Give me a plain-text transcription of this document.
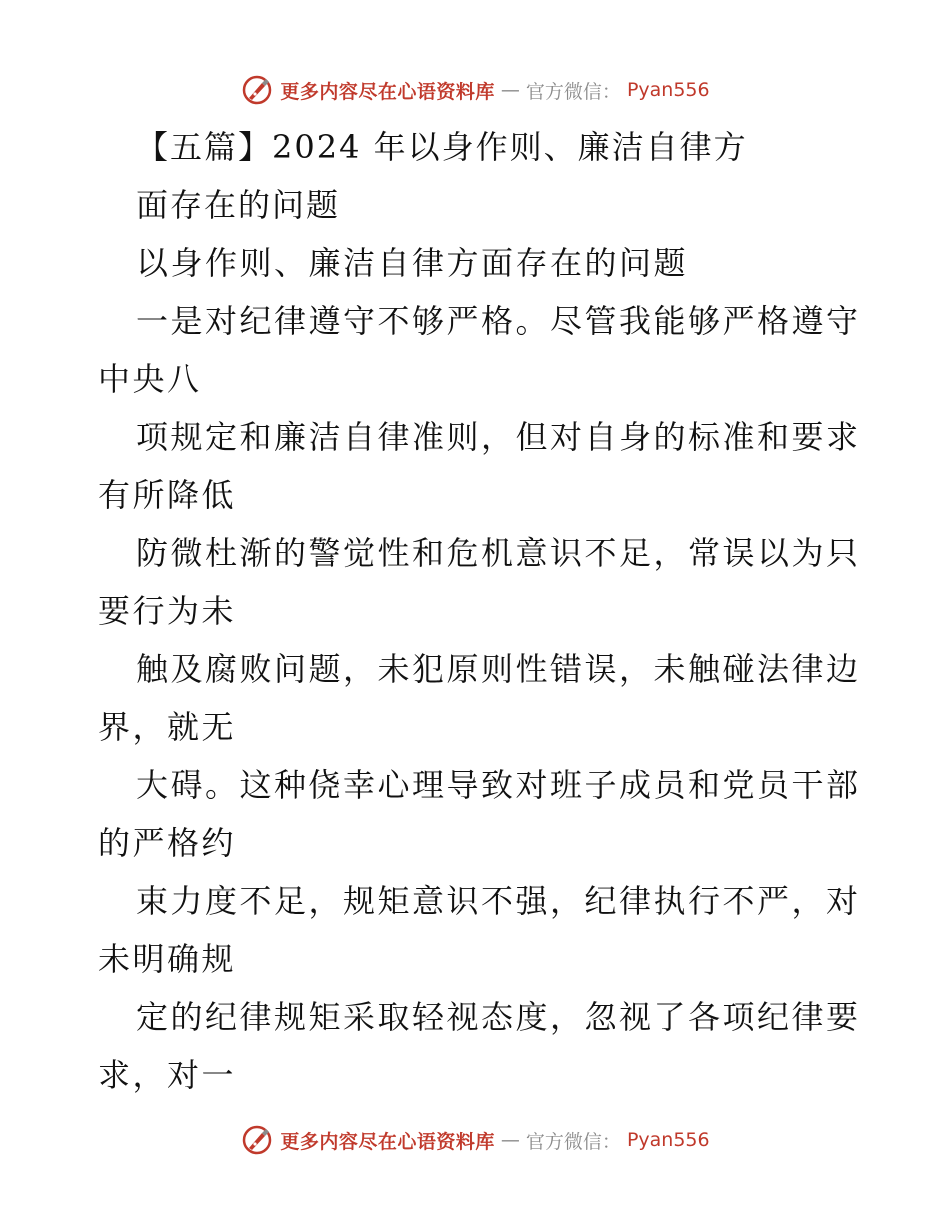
更多内容尽在心语资料库 — 官方微信： Pyan556
【五篇】2024 年以身作则、廉洁自律方
面存在的问题
以身作则、廉洁自律方面存在的问题
一是对纪律遵守不够严格。尽管我能够严格遵守
中央八
项规定和廉洁自律准则，但对自身的标准和要求
有所降低
防微杜渐的警觉性和危机意识不足，常误以为只
要行为未
触及腐败问题，未犯原则性错误，未触碰法律边
界，就无
大碍。这种侥幸心理导致对班子成员和党员干部
的严格约
束力度不足，规矩意识不强，纪律执行不严，对
未明确规
定的纪律规矩采取轻视态度，忽视了各项纪律要
求，对一
更多内容尽在心语资料库 — 官方微信： Pyan556
